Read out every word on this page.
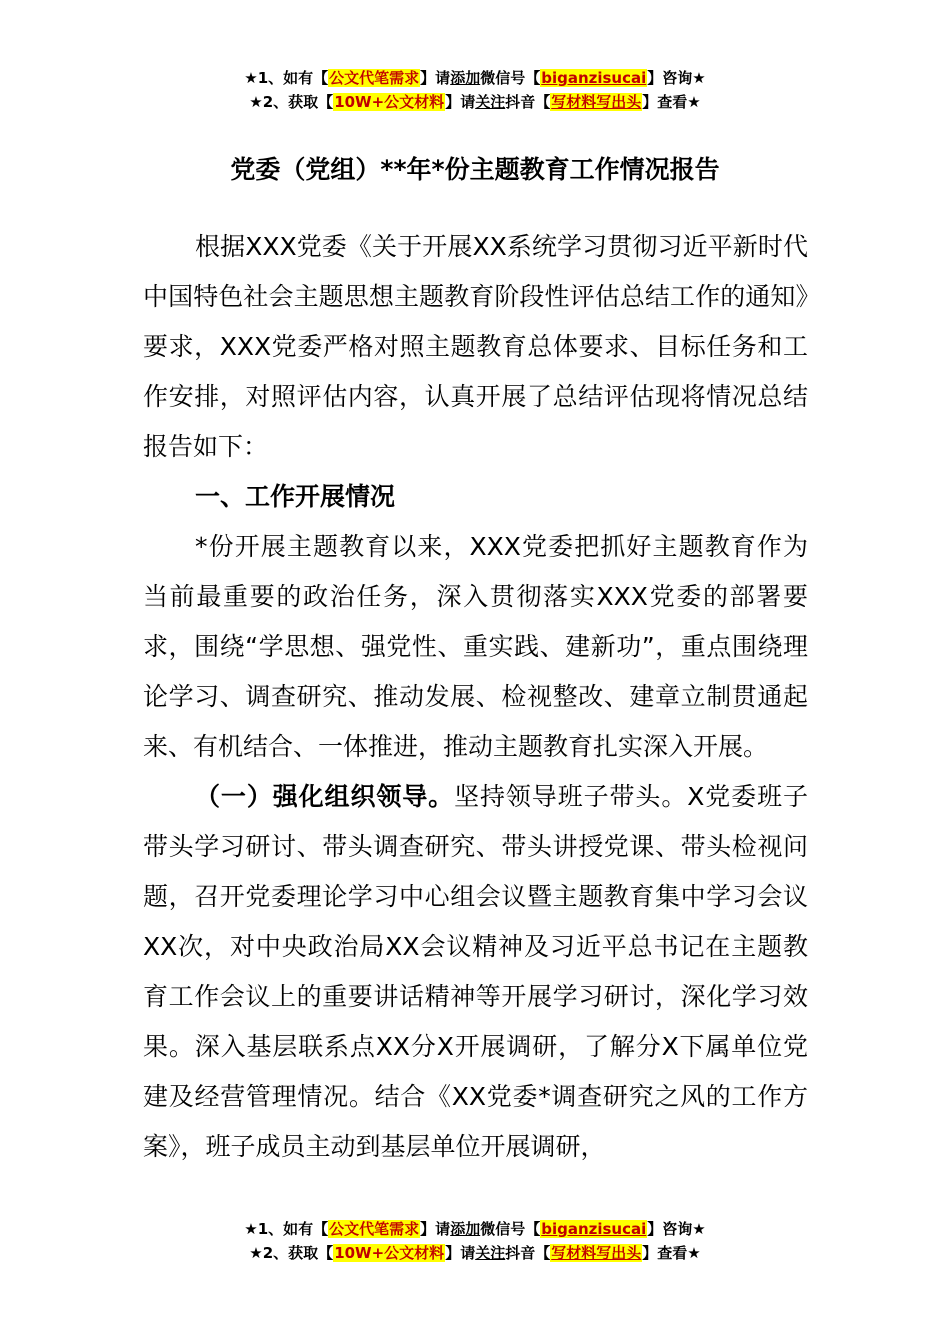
★1、如有【公文代笔需求】请添加微信号【biganzisucai】咨询★
★2、获取【10W+公文材料】请关注抖音【写材料写出头】查看★
党委（党组）**年*份主题教育工作情况报告

根据XXX党委《关于开展XX系统学习贯彻习近平新时代中国特色社会主题思想主题教育阶段性评估总结工作的通知》要求，XXX党委严格对照主题教育总体要求、目标任务和工作安排，对照评估内容，认真开展了总结评估现将情况总结报告如下：

一、工作开展情况

*份开展主题教育以来，XXX党委把抓好主题教育作为当前最重要的政治任务，深入贯彻落实XXX党委的部署要求，围绕“学思想、强党性、重实践、建新功”，重点围绕理论学习、调查研究、推动发展、检视整改、建章立制贯通起来、有机结合、一体推进，推动主题教育扎实深入开展。

（一）强化组织领导。坚持领导班子带头。X党委班子带头学习研讨、带头调查研究、带头讲授党课、带头检视问题，召开党委理论学习中心组会议暨主题教育集中学习会议XX次，对中央政治局XX会议精神及习近平总书记在主题教育工作会议上的重要讲话精神等开展学习研讨，深化学习效果。深入基层联系点XX分X开展调研，了解分X下属单位党建及经营管理情况。结合《XX党委*调查研究之风的工作方案》，班子成员主动到基层单位开展调研，

★1、如有【公文代笔需求】请添加微信号【biganzisucai】咨询★
★2、获取【10W+公文材料】请关注抖音【写材料写出头】查看★
